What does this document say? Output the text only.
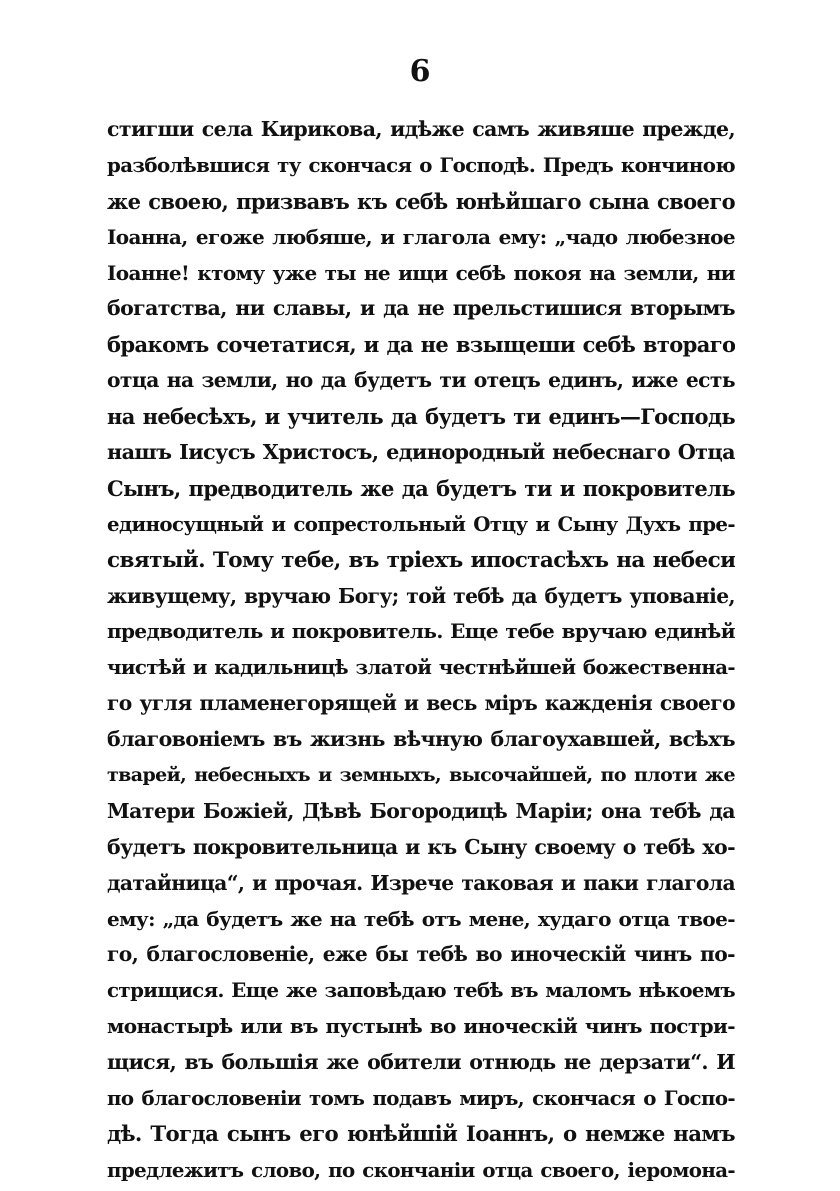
6
стигши села Кирикова, идѣже самъ живяше прежде,
разболѣвшися ту скончася о Господѣ. Предъ кончиною
же своею, призвавъ къ себѣ юнѣйшаго сына своего
Іоанна, егоже любяше, и глагола ему: „чадо любезное
Іоанне! ктому уже ты не ищи себѣ покоя на земли, ни
богатства, ни славы, и да не прельстишися вторымъ
бракомъ сочетатися, и да не взыщеши себѣ втораго
отца на земли, но да будетъ ти отецъ единъ, иже есть
на небесѣхъ, и учитель да будетъ ти единъ—Господь
нашъ Іисусъ Христосъ, единородный небеснаго Отца
Сынъ, предводитель же да будетъ ти и покровитель
единосущный и сопрестольный Отцу и Сыну Духъ пре-
святый. Тому тебе, въ тріехъ ипостасѣхъ на небеси
живущему, вручаю Богу; той тебѣ да будетъ упованіе,
предводитель и покровитель. Еще тебе вручаю единѣй
чистѣй и кадильницѣ златой честнѣйшей божественна-
го угля пламенегорящей и весь міръ кажденія своего
благовоніемъ въ жизнь вѣчную благоухавшей, всѣхъ
тварей, небесныхъ и земныхъ, высочайшей, по плоти же
Матери Божіей, Дѣвѣ Богородицѣ Маріи; она тебѣ да
будетъ покровительница и къ Сыну своему о тебѣ хо-
датайница“, и прочая. Изрече таковая и паки глагола
ему: „да будетъ же на тебѣ отъ мене, худаго отца твое-
го, благословеніе, еже бы тебѣ во иноческій чинъ по-
стрищися. Еще же заповѣдаю тебѣ въ маломъ нѣкоемъ
монастырѣ или въ пустынѣ во иноческій чинъ постри-
щися, въ большія же обители отнюдь не дерзати“. И
по благословеніи томъ подавъ миръ, скончася о Госпо-
дѣ. Тогда сынъ его юнѣйшій Іоаннъ, о немже намъ
предлежитъ слово, по скончаніи отца своего, іеромона-
